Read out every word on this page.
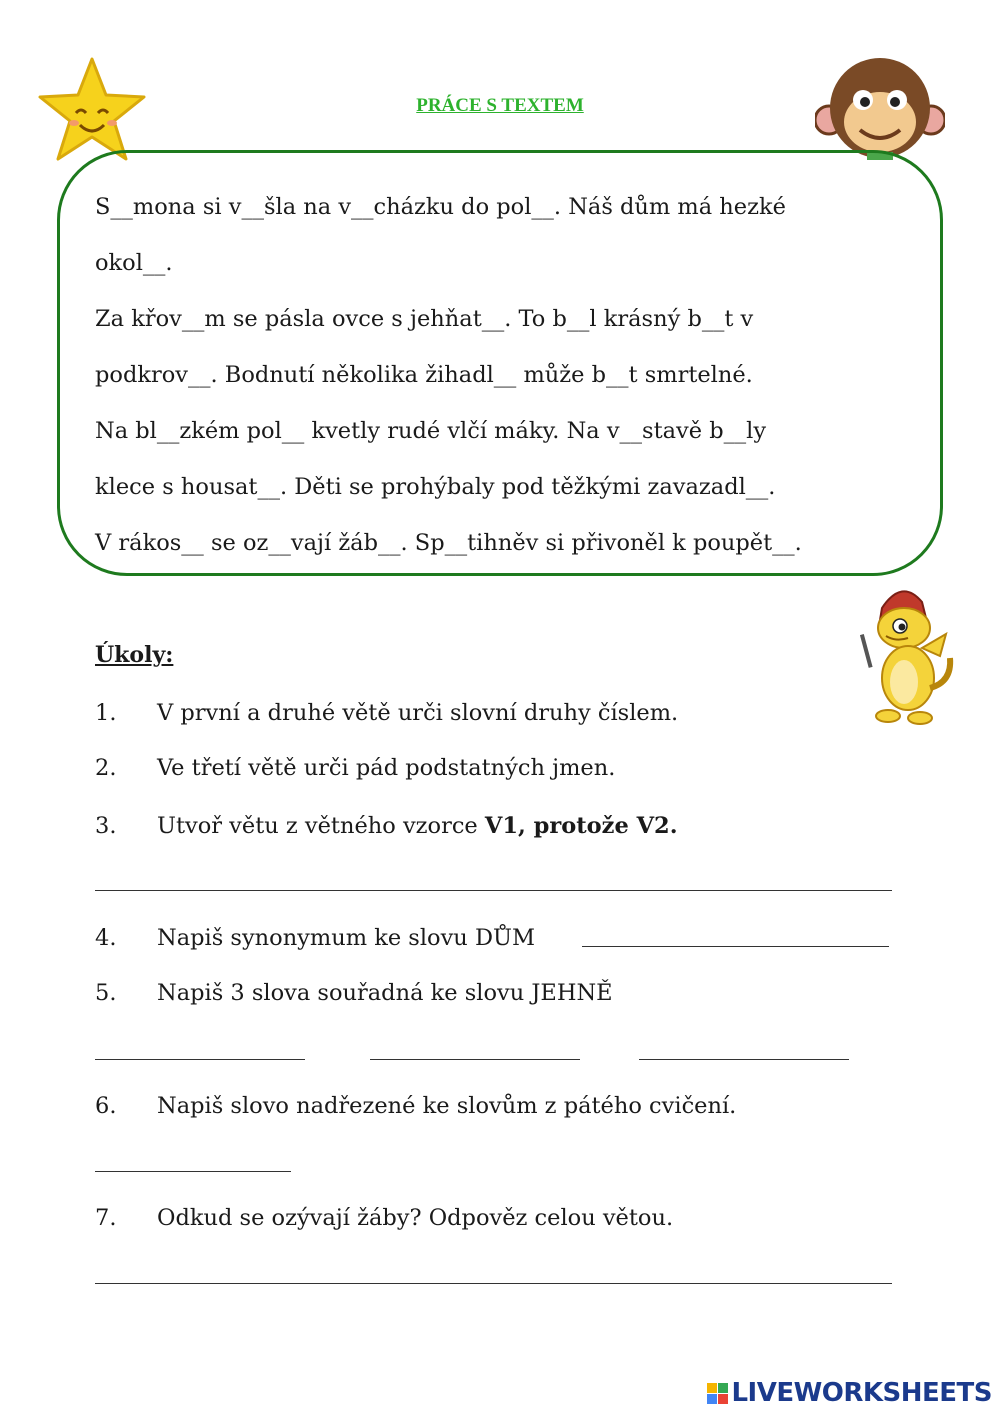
PRÁCE S TEXTEM
S__mona si v__šla na v__cházku do pol__. Náš dům má hezké
okol__.
Za křov__m se pásla ovce s jehňat__. To b__l krásný b__t v
podkrov__. Bodnutí několika žihadl__ může b__t smrtelné.
Na bl__zkém pol__ kvetly rudé vlčí máky. Na v__stavě b__ly
klece s housat__. Děti se prohýbaly pod těžkými zavazadl__.
V rákos__ se oz__vají žáb__. Sp__tihněv si přivoněl k poupět__.
Úkoly:
1. V první a druhé větě urči slovní druhy číslem.
2. Ve třetí větě urči pád podstatných jmen.
3. Utvoř větu z větného vzorce V1, protože V2.
4. Napiš synonymum ke slovu DŮM
5. Napiš 3 slova souřadná ke slovu JEHNĚ
6. Napiš slovo nadřezené ke slovům z pátého cvičení.
7. Odkud se ozývají žáby? Odpověz celou větou.
LIVEWORKSHEETS
